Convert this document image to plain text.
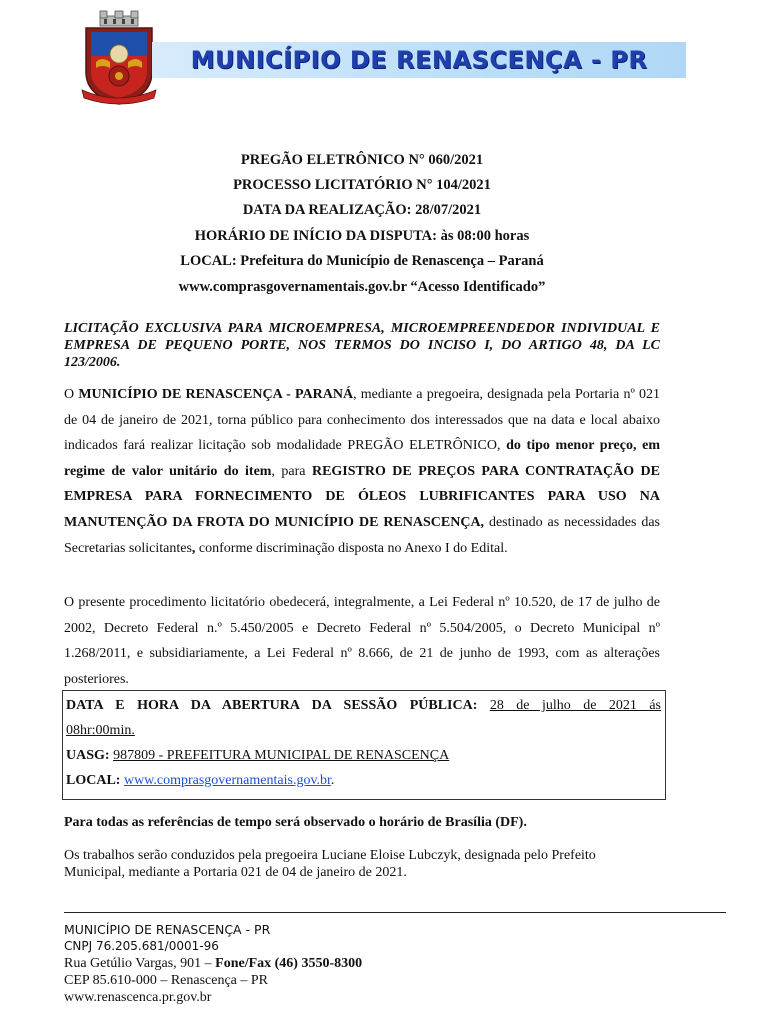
MUNICÍPIO DE RENASCENÇA - PR
PREGÃO ELETRÔNICO N° 060/2021
PROCESSO LICITATÓRIO N° 104/2021
DATA DA REALIZAÇÃO: 28/07/2021
HORÁRIO DE INÍCIO DA DISPUTA: às 08:00 horas
LOCAL: Prefeitura do Município de Renascença – Paraná
www.comprasgovernamentais.gov.br “Acesso Identificado”
LICITAÇÃO EXCLUSIVA PARA MICROEMPRESA, MICROEMPREENDEDOR INDIVIDUAL E EMPRESA DE PEQUENO PORTE, NOS TERMOS DO INCISO I, DO ARTIGO 48, DA LC 123/2006.
O MUNICÍPIO DE RENASCENÇA - PARANÁ, mediante a pregoeira, designada pela Portaria nº 021 de 04 de janeiro de 2021, torna público para conhecimento dos interessados que na data e local abaixo indicados fará realizar licitação sob modalidade PREGÃO ELETRÔNICO, do tipo menor preço, em regime de valor unitário do item, para REGISTRO DE PREÇOS PARA CONTRATAÇÃO DE EMPRESA PARA FORNECIMENTO DE ÓLEOS LUBRIFICANTES PARA USO NA MANUTENÇÃO DA FROTA DO MUNICÍPIO DE RENASCENÇA, destinado as necessidades das Secretarias solicitantes, conforme discriminação disposta no Anexo I do Edital.
O presente procedimento licitatório obedecerá, integralmente, a Lei Federal nº 10.520, de 17 de julho de 2002, Decreto Federal n.º 5.450/2005 e Decreto Federal nº 5.504/2005, o Decreto Municipal nº 1.268/2011, e subsidiariamente, a Lei Federal nº 8.666, de 21 de junho de 1993, com as alterações posteriores.
DATA E HORA DA ABERTURA DA SESSÃO PÚBLICA: 28 de julho de 2021 ás
08hr:00min.
UASG: 987809 - PREFEITURA MUNICIPAL DE RENASCENÇA
LOCAL: www.comprasgovernamentais.gov.br.
Para todas as referências de tempo será observado o horário de Brasília (DF).
Os trabalhos serão conduzidos pela pregoeira Luciane Eloise Lubczyk, designada pelo Prefeito Municipal, mediante a Portaria 021 de 04 de janeiro de 2021.
MUNICÍPIO DE RENASCENÇA - PR
CNPJ 76.205.681/0001-96
Rua Getúlio Vargas, 901 – Fone/Fax (46) 3550-8300
CEP 85.610-000 – Renascença – PR
www.renascenca.pr.gov.br
